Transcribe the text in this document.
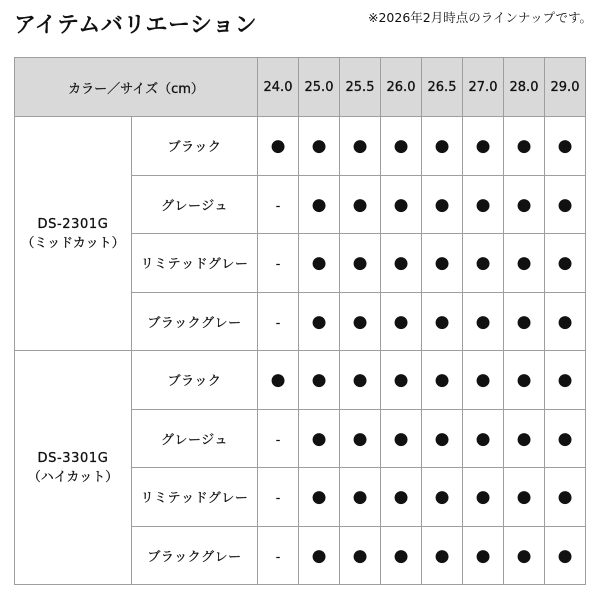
アイテムバリエーション	※2026年2月時点のラインナップです。

カラー／サイズ（cm）		24.0	25.0	25.5	26.0	26.5	27.0	28.0	29.0

DS-2301G
（ミッドカット）	ブラック	●	●	●	●	●	●	●	●
	グレージュ	-	●	●	●	●	●	●	●
	リミテッドグレー	-	●	●	●	●	●	●	●
	ブラックグレー	-	●	●	●	●	●	●	●

DS-3301G
（ハイカット）	ブラック	●	●	●	●	●	●	●	●
	グレージュ	-	●	●	●	●	●	●	●
	リミテッドグレー	-	●	●	●	●	●	●	●
	ブラックグレー	-	●	●	●	●	●	●	●
